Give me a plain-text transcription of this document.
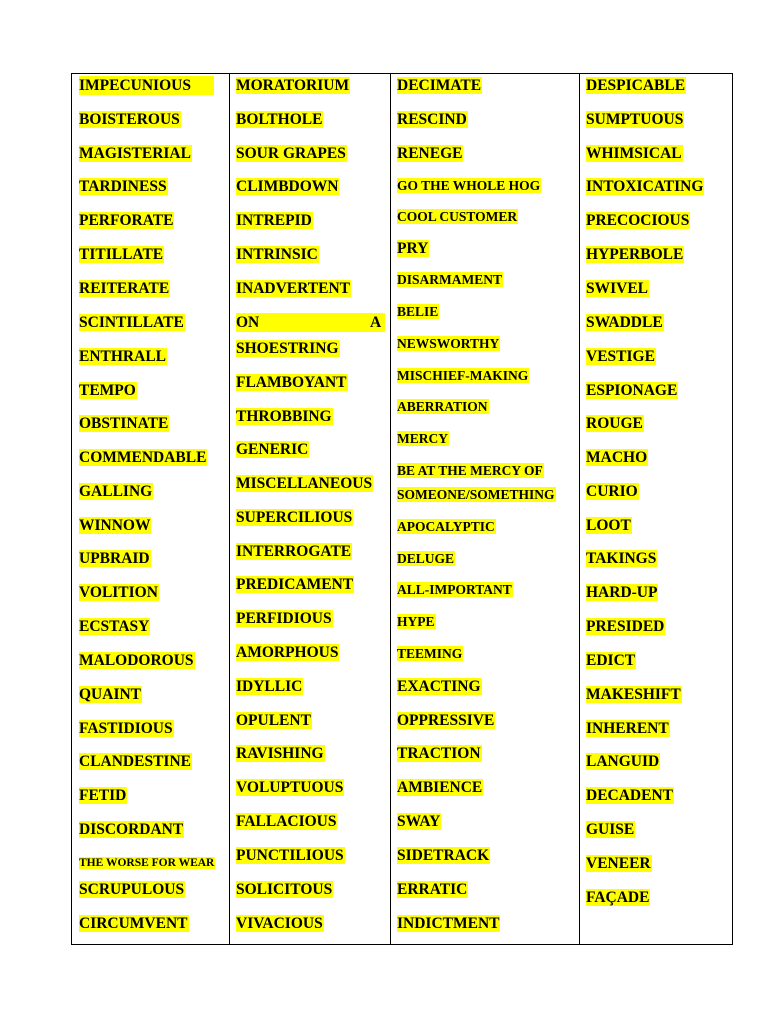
IMPECUNIOUS
BOISTEROUS
MAGISTERIAL
TARDINESS
PERFORATE
TITILLATE
REITERATE
SCINTILLATE
ENTHRALL
TEMPO
OBSTINATE
COMMENDABLE
GALLING
WINNOW
UPBRAID
VOLITION
ECSTASY
MALODOROUS
QUAINT
FASTIDIOUS
CLANDESTINE
FETID
DISCORDANT
THE WORSE FOR WEAR
SCRUPULOUS
CIRCUMVENT
MORATORIUM
BOLTHOLE
SOUR GRAPES
CLIMBDOWN
INTREPID
INTRINSIC
INADVERTENT
ON	A
SHOESTRING
FLAMBOYANT
THROBBING
GENERIC
MISCELLANEOUS
SUPERCILIOUS
INTERROGATE
PREDICAMENT
PERFIDIOUS
AMORPHOUS
IDYLLIC
OPULENT
RAVISHING
VOLUPTUOUS
FALLACIOUS
PUNCTILIOUS
SOLICITOUS
VIVACIOUS
DECIMATE
RESCIND
RENEGE
GO THE WHOLE HOG
COOL CUSTOMER
PRY
DISARMAMENT
BELIE
NEWSWORTHY
MISCHIEF-MAKING
ABERRATION
MERCY
BE AT THE MERCY OF
SOMEONE/SOMETHING
APOCALYPTIC
DELUGE
ALL-IMPORTANT
HYPE
TEEMING
EXACTING
OPPRESSIVE
TRACTION
AMBIENCE
SWAY
SIDETRACK
ERRATIC
INDICTMENT
DESPICABLE
SUMPTUOUS
WHIMSICAL
INTOXICATING
PRECOCIOUS
HYPERBOLE
SWIVEL
SWADDLE
VESTIGE
ESPIONAGE
ROUGE
MACHO
CURIO
LOOT
TAKINGS
HARD-UP
PRESIDED
EDICT
MAKESHIFT
INHERENT
LANGUID
DECADENT
GUISE
VENEER
FAÇADE
